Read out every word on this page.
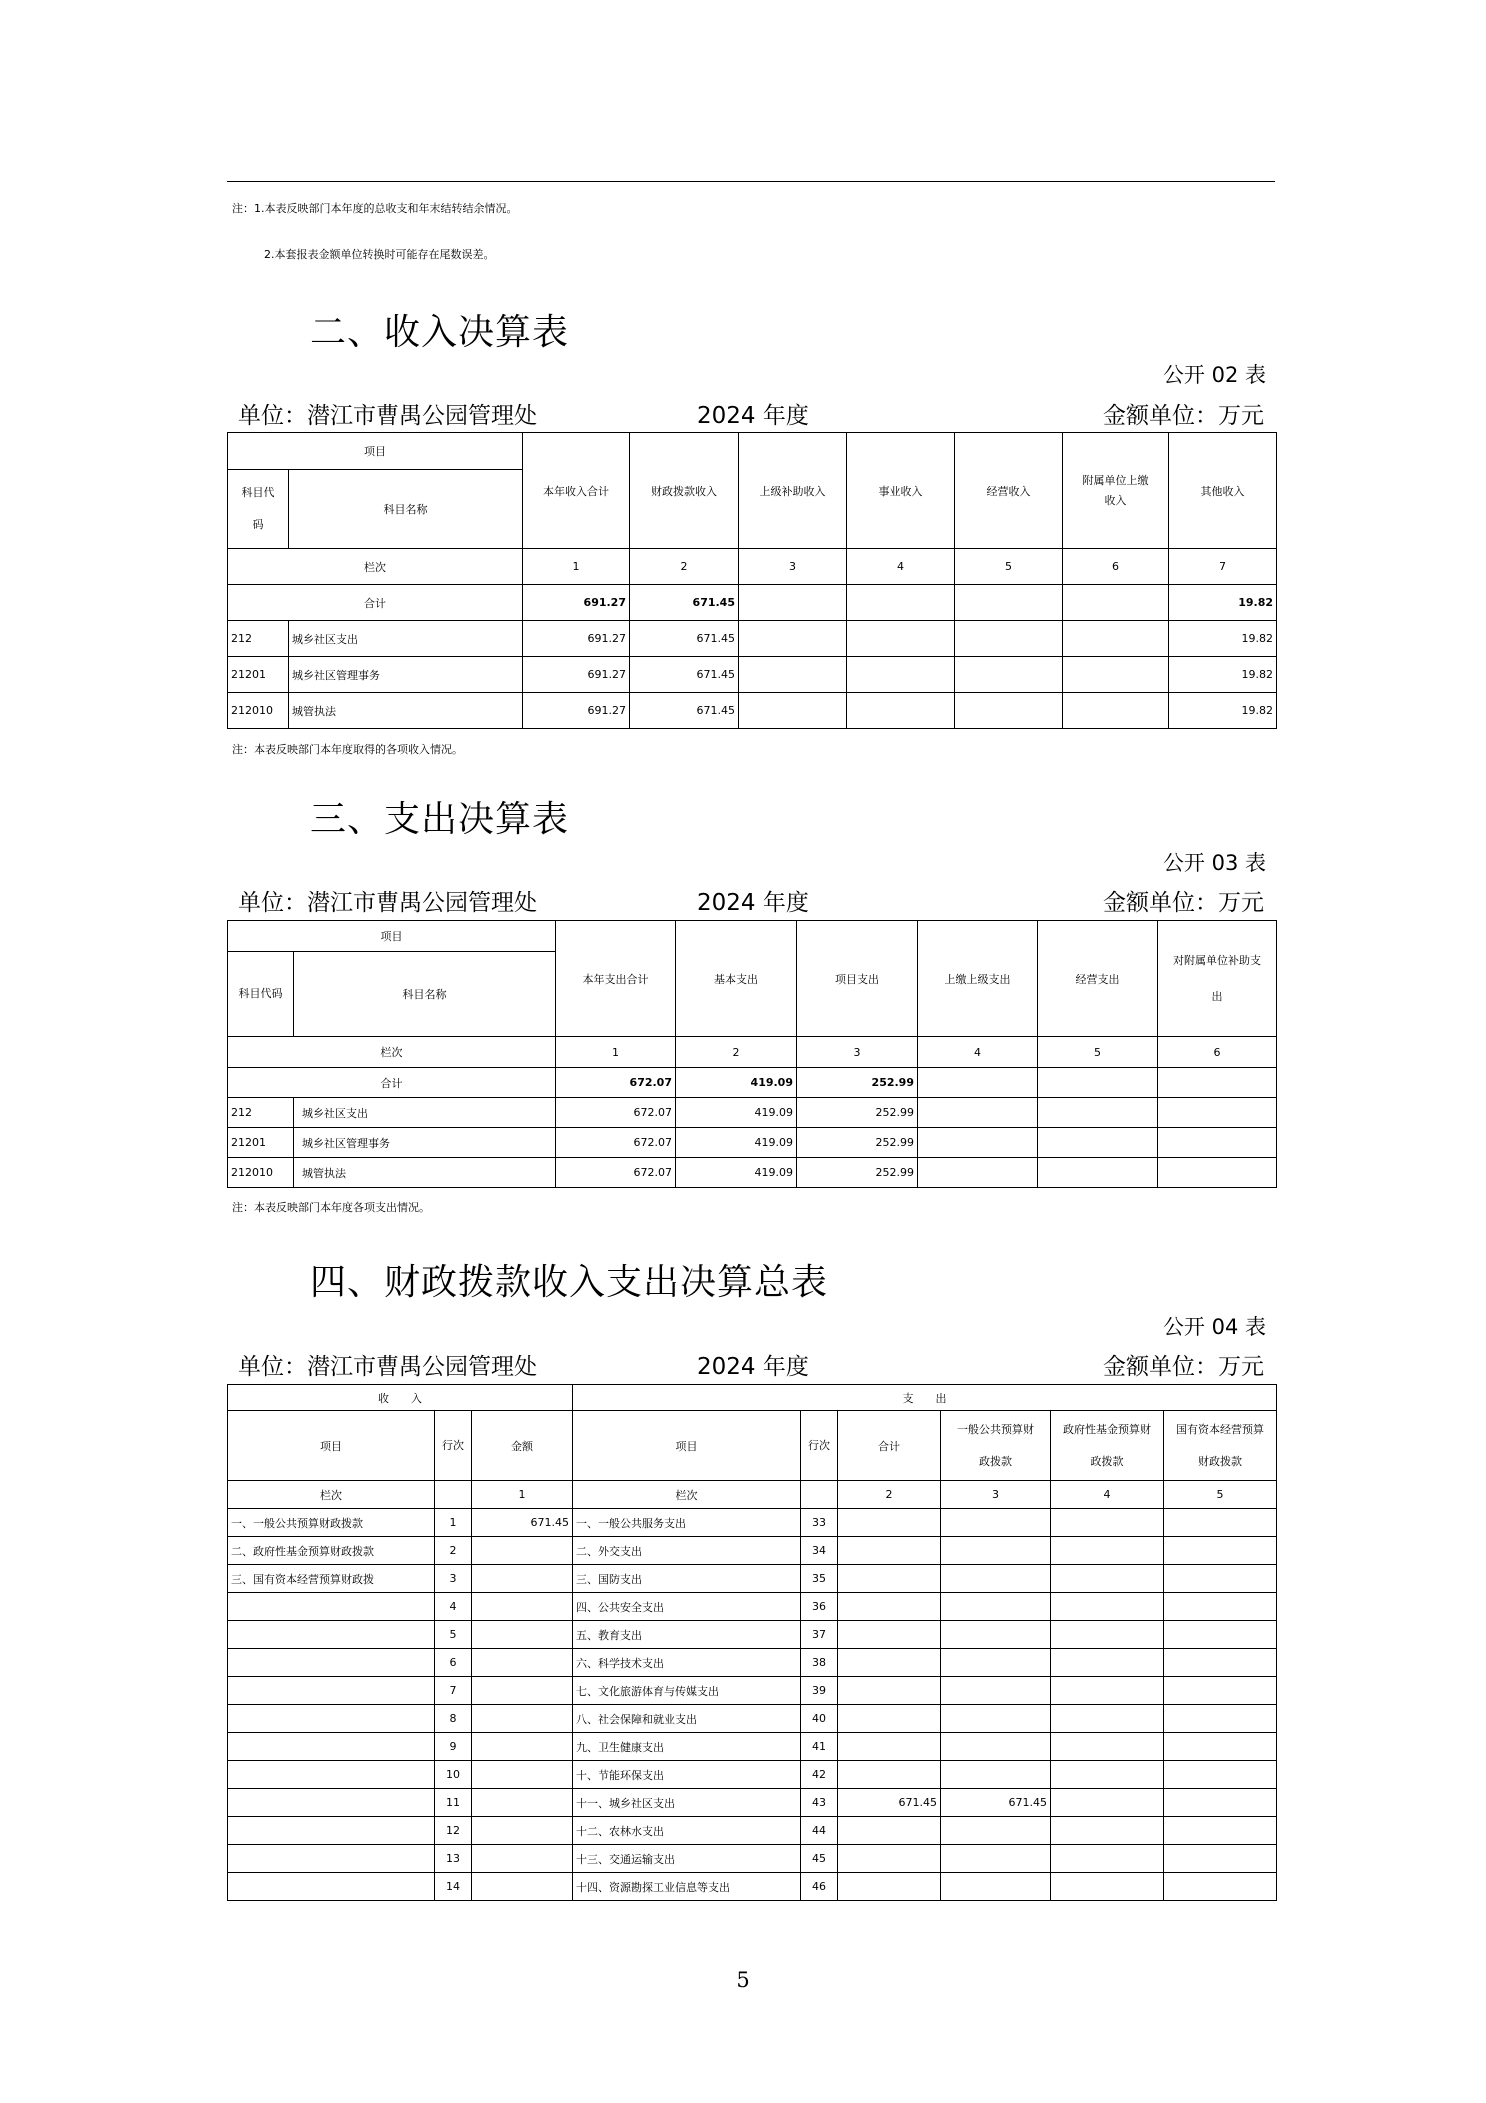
注：1.本表反映部门本年度的总收支和年末结转结余情况。
2.本套报表金额单位转换时可能存在尾数误差。
二、收入决算表
公开 02 表
单位：潜江市曹禺公园管理处	2024 年度	金额单位：万元
项目		本年收入合计	财政拨款收入	上级补助收入	事业收入	经营收入	附属单位上缴收入	其他收入
科目代码	科目名称							
栏次		1	2	3	4	5	6	7
合计		691.27	671.45					19.82
212	城乡社区支出	691.27	671.45					19.82
21201	城乡社区管理事务	691.27	671.45					19.82
212010	城管执法	691.27	671.45					19.82
注：本表反映部门本年度取得的各项收入情况。
三、支出决算表
公开 03 表
单位：潜江市曹禺公园管理处	2024 年度	金额单位：万元
项目		本年支出合计	基本支出	项目支出	上缴上级支出	经营支出	对附属单位补助支出
科目代码	科目名称						
栏次		1	2	3	4	5	6
合计		672.07	419.09	252.99			
212	城乡社区支出	672.07	419.09	252.99			
21201	城乡社区管理事务	672.07	419.09	252.99			
212010	城管执法	672.07	419.09	252.99			
注：本表反映部门本年度各项支出情况。
四、财政拨款收入支出决算总表
公开 04 表
单位：潜江市曹禺公园管理处	2024 年度	金额单位：万元
收　　入			支　　出					
项目	行次	金额	项目	行次	合计	一般公共预算财政拨款	政府性基金预算财政拨款	国有资本经营预算财政拨款
栏次		1	栏次		2	3	4	5
一、一般公共预算财政拨款	1	671.45	一、一般公共服务支出	33				
二、政府性基金预算财政拨款	2		二、外交支出	34				
三、国有资本经营预算财政拨	3		三、国防支出	35				
	4		四、公共安全支出	36				
	5		五、教育支出	37				
	6		六、科学技术支出	38				
	7		七、文化旅游体育与传媒支出	39				
	8		八、社会保障和就业支出	40				
	9		九、卫生健康支出	41				
	10		十、节能环保支出	42				
	11		十一、城乡社区支出	43	671.45	671.45		
	12		十二、农林水支出	44				
	13		十三、交通运输支出	45				
	14		十四、资源勘探工业信息等支出	46				
5
